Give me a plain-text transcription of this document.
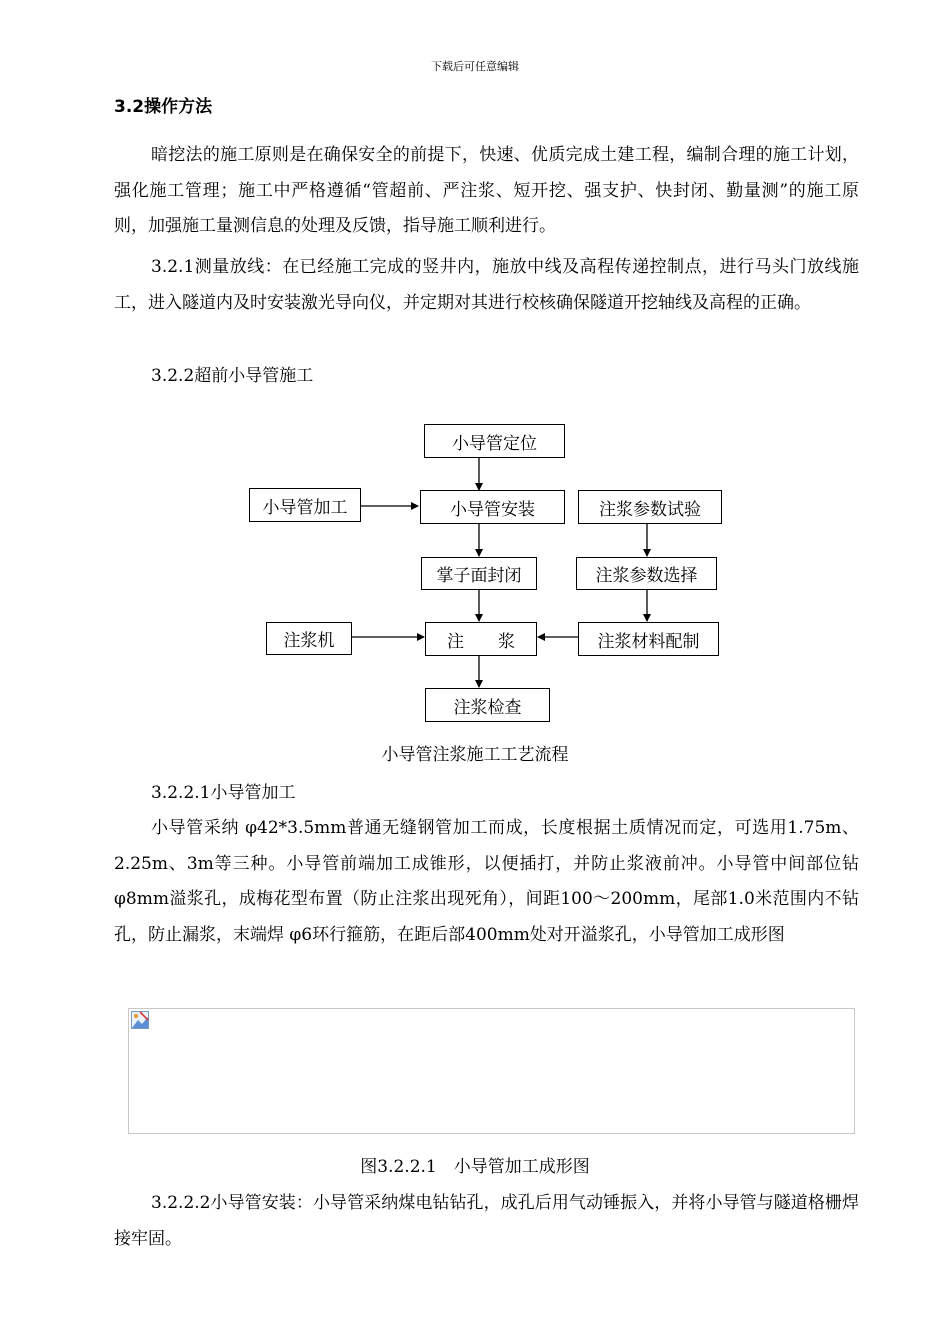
下载后可任意编辑
3.2操作方法

暗挖法的施工原则是在确保安全的前提下，快速、优质完成土建工程，编制合理的施工计划，强化施工管理；施工中严格遵循“管超前、严注浆、短开挖、强支护、快封闭、勤量测”的施工原则，加强施工量测信息的处理及反馈，指导施工顺利进行。

3.2.1测量放线：在已经施工完成的竖井内，施放中线及高程传递控制点，进行马头门放线施工，进入隧道内及时安装激光导向仪，并定期对其进行校核确保隧道开挖轴线及高程的正确。

3.2.2超前小导管施工
小导管定位
小导管加工	小导管安装	注浆参数试验
掌子面封闭	注浆参数选择
注浆机	注　　浆	注浆材料配制
注浆检查
小导管注浆施工工艺流程
3.2.2.1小导管加工

小导管采纳 φ42*3.5mm普通无缝钢管加工而成，长度根据土质情况而定，可选用1.75m、2.25m、3m等三种。小导管前端加工成锥形，以便插打，并防止浆液前冲。小导管中间部位钻 φ8mm溢浆孔，成梅花型布置（防止注浆出现死角），间距100～200mm，尾部1.0米范围内不钻孔，防止漏浆，末端焊 φ6环行箍筋，在距后部400mm处对开溢浆孔，小导管加工成形图

图3.2.2.1　小导管加工成形图

3.2.2.2小导管安装：小导管采纳煤电钻钻孔，成孔后用气动锤振入，并将小导管与隧道格栅焊接牢固。
